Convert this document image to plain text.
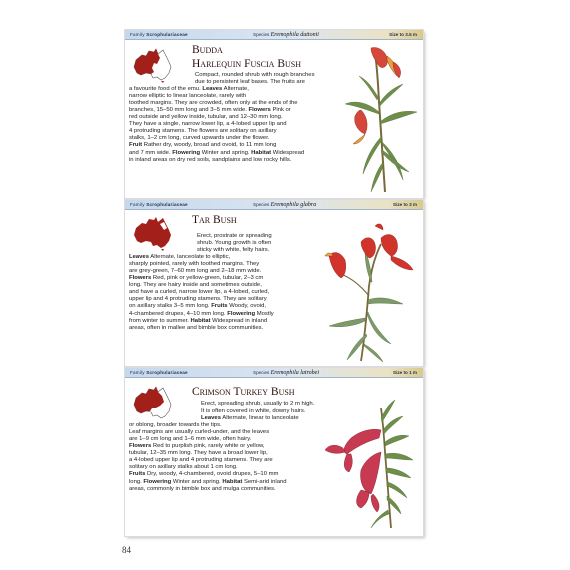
Family Scrophulariaceae	Species Eremophila duttonii	Size to 3.5 m
Budda
Harlequin Fuscia Bush
Compact, rounded shrub with rough branches
due to persistent leaf bases. The fruits are
a favourite food of the emu. Leaves Alternate,
narrow elliptic to linear lanceolate, rarely with
toothed margins. They are crowded, often only at the ends of the
branches, 15–50 mm long and 3–5 mm wide. Flowers Pink or
red outside and yellow inside, tubular, and 12–30 mm long.
They have a single, narrow lower lip, a 4-lobed upper lip and
4 protruding stamens. The flowers are solitary on axillary
stalks, 1–2 cm long, curved upwards under the flower.
Fruit Rather dry, woody, broad and ovoid, to 11 mm long
and 7 mm wide. Flowering Winter and spring. Habitat Widespread
in inland areas on dry red soils, sandplains and low rocky hills.
Family Scrophulariaceae	Species Eremophila glabra	Size to 3 m
Tar Bush
Erect, prostrate or spreading
shrub. Young growth is often
sticky with white, felty hairs.
Leaves Alternate, lanceolate to elliptic,
sharply pointed, rarely with toothed margins. They
are grey-green, 7–60 mm long and 2–18 mm wide.
Flowers Red, pink or yellow-green, tubular, 2–3 cm
long. They are hairy inside and sometimes outside,
and have a curled, narrow lower lip, a 4-lobed, curled,
upper lip and 4 protruding stamens. They are solitary
on axillary stalks 3–5 mm long. Fruits Woody, ovoid,
4-chambered drupes, 4–10 mm long. Flowering Mostly
from winter to summer. Habitat Widespread in inland
areas, often in mallee and bimble box communities.
Family Scrophulariaceae	Species Eremophila latrobei	Size to 1 m
Crimson Turkey Bush
Erect, spreading shrub, usually to 2 m high.
It is often covered in white, downy hairs.
Leaves Alternate, linear to lanceolate
or oblong, broader towards the tips.
Leaf margins are usually curled-under, and the leaves
are 1–9 cm long and 1–6 mm wide, often hairy.
Flowers Red to purplish pink, rarely white or yellow,
tubular, 12–35 mm long. They have a broad lower lip,
a 4-lobed upper lip and 4 protruding stamens. They are
solitary on axillary stalks about 1 cm long.
Fruits Dry, woody, 4-chambered, ovoid drupes, 5–10 mm
long. Flowering Winter and spring. Habitat Semi-arid inland
areas, commonly in bimble box and mulga communities.
84
